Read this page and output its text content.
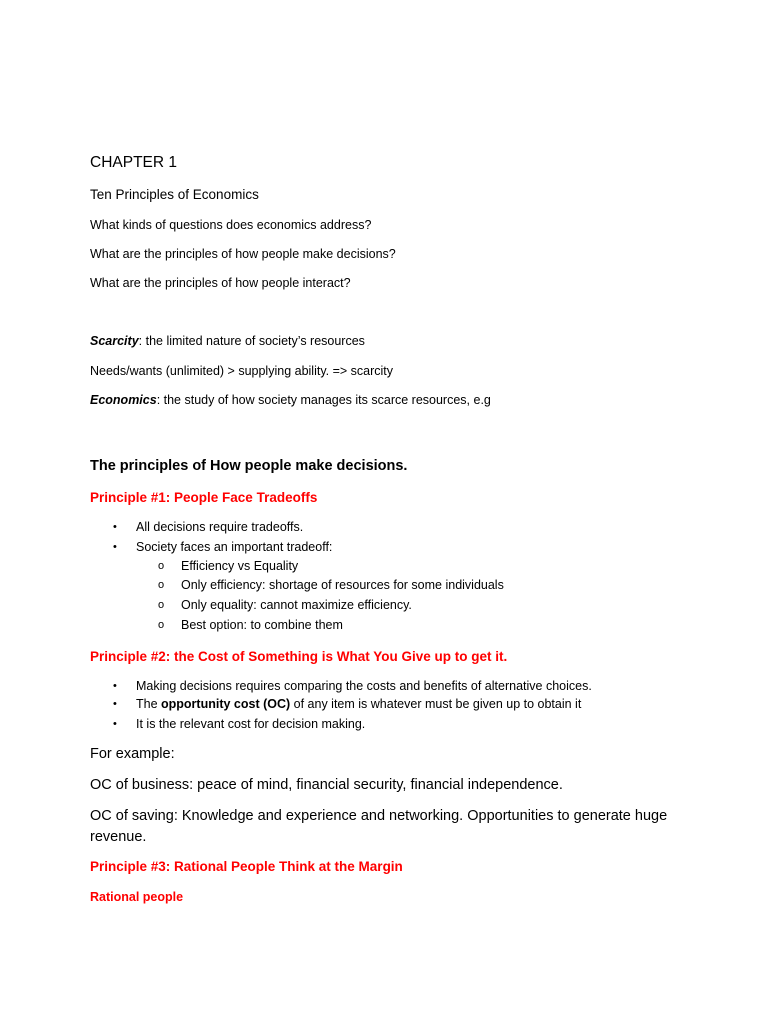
CHAPTER 1
Ten Principles of Economics
What kinds of questions does economics address?
What are the principles of how people make decisions?
What are the principles of how people interact?
Scarcity: the limited nature of society’s resources
Needs/wants (unlimited) > supplying ability. => scarcity
Economics: the study of how society manages its scarce resources, e.g
The principles of How people make decisions.
Principle #1: People Face Tradeoffs
• All decisions require tradeoffs.
• Society faces an important tradeoff:
o Efficiency vs Equality
o Only efficiency: shortage of resources for some individuals
o Only equality: cannot maximize efficiency.
o Best option: to combine them
Principle #2: the Cost of Something is What You Give up to get it.
• Making decisions requires comparing the costs and benefits of alternative choices.
• The opportunity cost (OC) of any item is whatever must be given up to obtain it
• It is the relevant cost for decision making.
For example:
OC of business: peace of mind, financial security, financial independence.
OC of saving: Knowledge and experience and networking. Opportunities to generate huge
revenue.
Principle #3: Rational People Think at the Margin
Rational people
